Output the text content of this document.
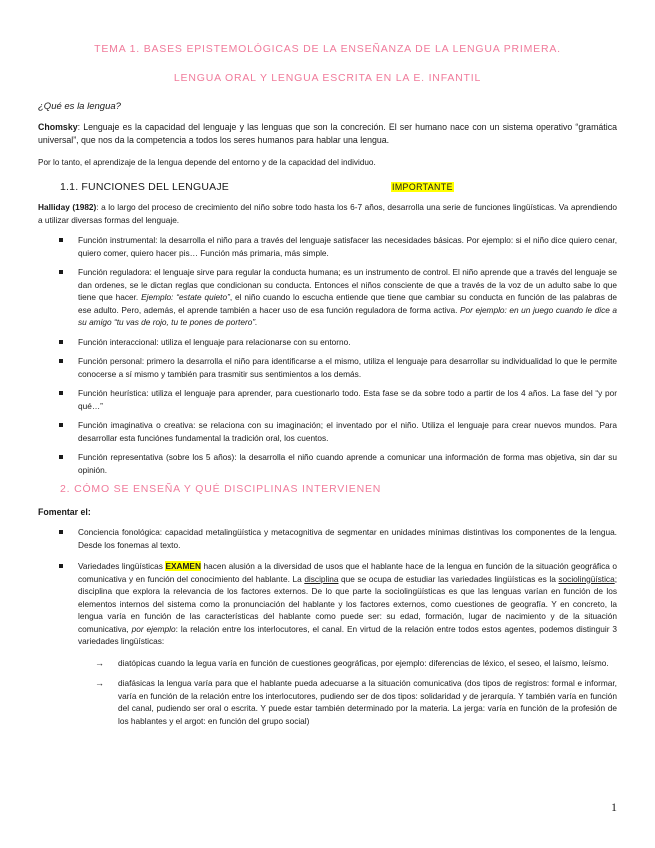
TEMA 1. BASES EPISTEMOLÓGICAS DE LA ENSEÑANZA DE LA LENGUA PRIMERA.
LENGUA ORAL Y LENGUA ESCRITA EN LA E. INFANTIL
¿Qué es la lengua?

Chomsky: Lenguaje es la capacidad del lenguaje y las lenguas que son la concreción. El ser humano nace con un sistema operativo “gramática universal”, que nos da la competencia a todos los seres humanos para hablar una lengua.

Por lo tanto, el aprendizaje de la lengua depende del entorno y de la capacidad del individuo.

1.1. FUNCIONES DEL LENGUAJE	IMPORTANTE

Halliday (1982): a lo largo del proceso de crecimiento del niño sobre todo hasta los 6-7 años, desarrolla una serie de funciones lingüísticas. Va aprendiendo a utilizar diversas formas del lenguaje.

Función instrumental: la desarrolla el niño para a través del lenguaje satisfacer las necesidades básicas. Por ejemplo: si el niño dice quiero cenar, quiero comer, quiero hacer pis… Función más primaria, más simple.
Función reguladora: el lenguaje sirve para regular la conducta humana; es un instrumento de control. El niño aprende que a través del lenguaje se dan ordenes, se le dictan reglas que condicionan su conducta. Entonces el niños consciente de que a través de la voz de un adulto sabe lo que tiene que hacer. Ejemplo: “estate quieto”, el niño cuando lo escucha entiende que tiene que cambiar su conducta en función de las palabras de ese adulto. Pero, además, el aprende también a hacer uso de esa función reguladora de forma activa. Por ejemplo: en un juego cuando le dice a su amigo “tu vas de rojo, tu te pones de portero”.
Función interaccional: utiliza el lenguaje para relacionarse con su entorno.
Función personal: primero la desarrolla el niño para identificarse a el mismo, utiliza el lenguaje para desarrollar su individualidad lo que le permite conocerse a sí mismo y también para trasmitir sus sentimientos a los demás.
Función heurística: utiliza el lenguaje para aprender, para cuestionarlo todo. Esta fase se da sobre todo a partir de los 4 años. La fase del “y por qué…”
Función imaginativa o creativa: se relaciona con su imaginación; el inventado por el niño. Utiliza el lenguaje para crear nuevos mundos. Para desarrollar esta funciónes fundamental la tradición oral, los cuentos.
Función representativa (sobre los 5 años): la desarrolla el niño cuando aprende a comunicar una información de forma mas objetiva, sin dar su opinión.
2. CÓMO SE ENSEÑA Y QUÉ DISCIPLINAS INTERVIENEN
Fomentar el:
Conciencia fonológica: capacidad metalingüística y metacognitiva de segmentar en unidades mínimas distintivas los componentes de la lengua. Desde los fonemas al texto.
Variedades lingüísticas EXAMEN hacen alusión a la diversidad de usos que el hablante hace de la lengua en función de la situación geográfica o comunicativa y en función del conocimiento del hablante. La disciplina que se ocupa de estudiar las variedades lingüísticas es la sociolingüística; disciplina que explora la relevancia de los factores externos. De lo que parte la sociolingüísticas es que las lenguas varían en función de los elementos internos del sistema como la pronunciación del hablante y los factores externos, como cuestiones de geografía. Y en concreto, la lengua varía en función de las características del hablante como puede ser: su edad, formación, lugar de nacimiento y de la situación comunicativa, por ejemplo: la relación entre los interlocutores, el canal. En virtud de la relación entre todos estos agentes, podemos distinguir 3 variedades lingüísticas:
→ diatópicas cuando la legua varía en función de cuestiones geográficas, por ejemplo: diferencias de léxico, el seseo, el laísmo, leísmo.
→ diafásicas la lengua varía para que el hablante pueda adecuarse a la situación comunicativa (dos tipos de registros: formal e informar, varía en función de la relación entre los interlocutores, pudiendo ser de dos tipos: solidaridad y de jerarquía. Y también varía en función del canal, pudiendo ser oral o escrita. Y puede estar también determinado por la materia. La jerga: varía en función de la profesión de los hablantes y el argot: en función del grupo social)
1
